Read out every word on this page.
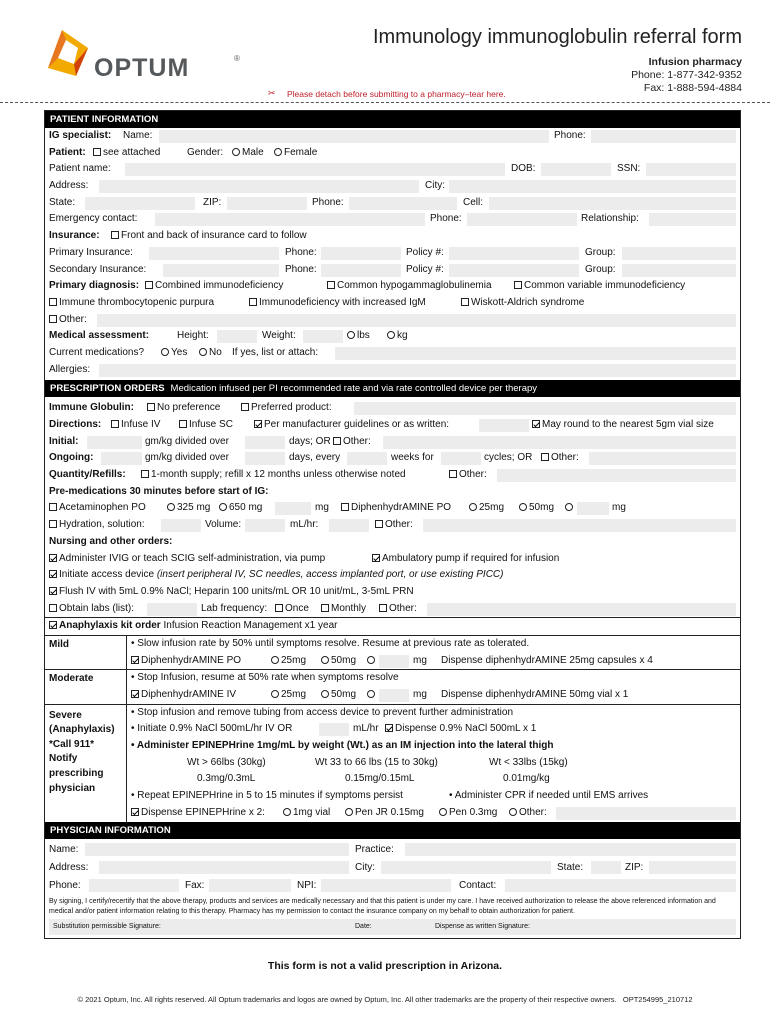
OPTUM	®
Immunology immunoglobulin referral form
Infusion pharmacy
Phone: 1-877-342-9352
Fax: 1-888-594-4884
✂ Please detach before submitting to a pharmacy–tear here.
PATIENT INFORMATION
IG specialist: Name:	Phone:
Patient:	see attached	Gender:	Male	Female
Patient name:	DOB:	SSN:
Address:	City:
State:	ZIP:	Phone:	Cell:
Emergency contact:	Phone:	Relationship:
Insurance:	Front and back of insurance card to follow
Primary Insurance:	Phone:	Policy #:	Group:
Secondary Insurance:	Phone:	Policy #:	Group:
Primary diagnosis:	Combined immunodeficiency	Common hypogammaglobulinemia	Common variable immunodeficiency
Immune thrombocytopenic purpura	Immunodeficiency with increased IgM	Wiskott-Aldrich syndrome
Other:
Medical assessment:	Height:	Weight:	lbs	kg
Current medications?	Yes	No If yes, list or attach:
Allergies:
PRESCRIPTION ORDERS Medication infused per PI recommended rate and via rate controlled device per therapy
Immune Globulin:	No preference	Preferred product:
Directions:	Infuse IV	Infuse SC	Per manufacturer guidelines or as written:	May round to the nearest 5gm vial size
Initial:	gm/kg divided over	days; OR	Other:
Ongoing:	gm/kg divided over	days, every	weeks for	cycles; OR	Other:
Quantity/Refills:	1-month supply; refill x 12 months unless otherwise noted	Other:
Pre-medications 30 minutes before start of IG:
Acetaminophen PO	325 mg	650 mg	mg	DiphenhydrAMINE PO	25mg	50mg	mg
Hydration, solution:	Volume:	mL/hr:	Other:
Nursing and other orders:
Administer IVIG or teach SCIG self-administration, via pump	Ambulatory pump if required for infusion
Initiate access device (insert peripheral IV, SC needles, access implanted port, or use existing PICC)
Flush IV with 5mL 0.9% NaCl; Heparin 100 units/mL OR 10 unit/mL, 3-5mL PRN
Obtain labs (list):	Lab frequency:	Once	Monthly	Other:
Anaphylaxis kit order Infusion Reaction Management x1 year
Mild	• Slow infusion rate by 50% until symptoms resolve. Resume at previous rate as tolerated.
DiphenhydrAMINE PO	25mg	50mg	mg Dispense diphenhydrAMINE 25mg capsules x 4
Moderate	• Stop Infusion, resume at 50% rate when symptoms resolve
DiphenhydrAMINE IV	25mg	50mg	mg Dispense diphenhydrAMINE 50mg vial x 1
Severe
(Anaphylaxis)
*Call 911*
Notify
prescribing
physician
• Stop infusion and remove tubing from access device to prevent further administration
• Initiate 0.9% NaCl 500mL/hr IV OR	mL/hr	Dispense 0.9% NaCl 500mL x 1
• Administer EPINEPHrine 1mg/mL by weight (Wt.) as an IM injection into the lateral thigh
Wt > 66lbs (30kg)	Wt 33 to 66 lbs (15 to 30kg)	Wt < 33lbs (15kg)
0.3mg/0.3mL	0.15mg/0.15mL	0.01mg/kg
• Repeat EPINEPHrine in 5 to 15 minutes if symptoms persist	• Administer CPR if needed until EMS arrives
Dispense EPINEPHrine x 2:	1mg vial	Pen JR 0.15mg	Pen 0.3mg	Other:
PHYSICIAN INFORMATION
Name:	Practice:
Address:	City:	State:	ZIP:
Phone:	Fax:	NPI:	Contact:
By signing, I certify/recertify that the above therapy, products and services are medically necessary and that this patient is under my care. I have received authorization to release the above referenced information and medical and/or patient information relating to this therapy. Pharmacy has my permission to contact the insurance company on my behalf to obtain authorization for patient.
Substitution permissible Signature:	Date:	Dispense as written Signature:
This form is not a valid prescription in Arizona.
© 2021 Optum, Inc. All rights reserved. All Optum trademarks and logos are owned by Optum, Inc. All other trademarks are the property of their respective owners. OPT254995_210712
